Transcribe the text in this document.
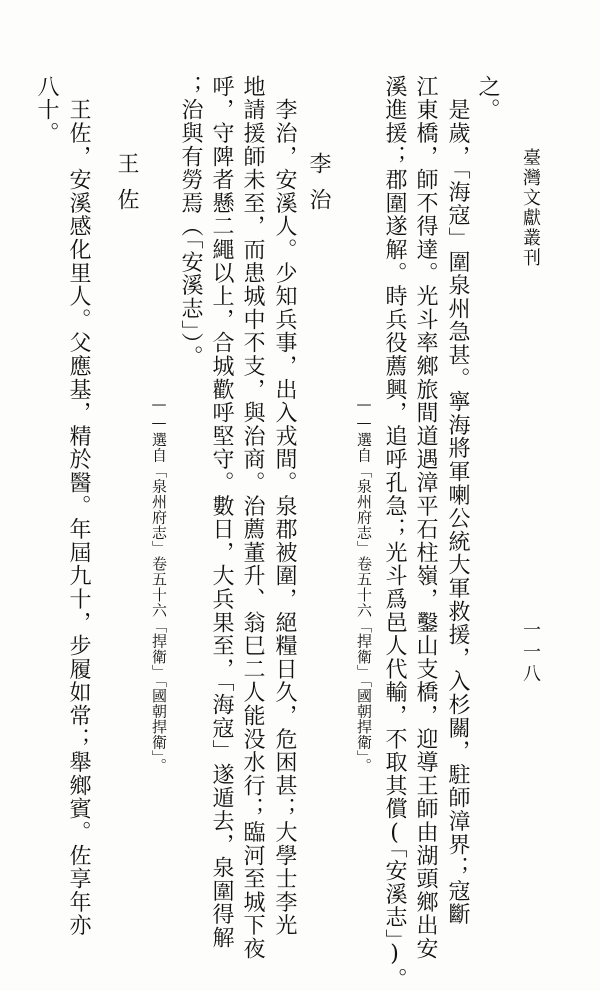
臺灣文獻叢刊
一一八
之。
　是歲，「海寇」圍泉州急甚。寧海將軍喇公統大軍救援，入杉關，駐師漳界；寇斷
江東橋，師不得達。光斗率鄉旅間道遇漳平石柱嶺，鑿山支橋，迎導王師由湖頭鄉出安
溪進援；郡圍遂解。時兵役薦興，追呼孔急；光斗爲邑人代輸，不取其償(「安溪志」)。
——選自「泉州府志」卷五十六「捍衛」「國朝捍衛」。
李治
　李治，安溪人。少知兵事，出入戎間。泉郡被圍，絕糧日久，危困甚；大學士李光
地請援師未至，而患城中不支，與治商。治薦董升、翁巳二人能没水行；臨河至城下夜
呼，守陴者懸二繩以上，合城歡呼堅守。數日，大兵果至，「海寇」遂遁去，泉圍得解
；治與有勞焉（「安溪志」）。
——選自「泉州府志」卷五十六「捍衛」「國朝捍衛」。
王佐
　王佐，安溪感化里人。父應基，精於醫。年屆九十，步履如常；舉鄉賓。佐享年亦
八十。
